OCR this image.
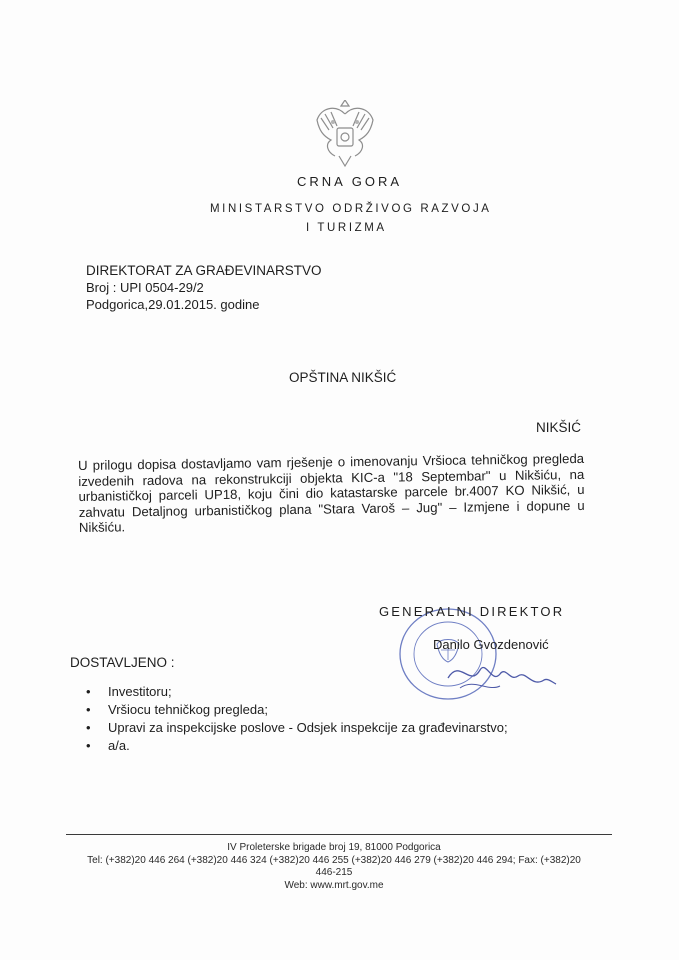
CRNA GORA
MINISTARSTVO ODRŽIVOG RAZVOJA
I TURIZMA
DIREKTORAT ZA GRAĐEVINARSTVO
Broj : UPI 0504-29/2
Podgorica,29.01.2015. godine
OPŠTINA NIKŠIĆ
NIKŠIĆ
U prilogu dopisa dostavljamo vam rješenje o imenovanju Vršioca tehničkog pregleda izvedenih radova na rekonstrukciji objekta KIC-a "18 Septembar" u Nikšiću, na urbanističkoj parceli UP18, koju čini dio katastarske parcele br.4007 KO Nikšić, u zahvatu Detaljnog urbanističkog plana "Stara Varoš – Jug" – Izmjene i dopune u Nikšiću.
GENERALNI DIREKTOR
Danilo Gvozdenović
DOSTAVLJENO :
• Investitoru;
• Vršiocu tehničkog pregleda;
• Upravi za inspekcijske poslove - Odsjek inspekcije za građevinarstvo;
• a/a.
IV Proleterske brigade broj 19, 81000 Podgorica
Tel: (+382)20 446 264 (+382)20 446 324 (+382)20 446 255 (+382)20 446 279 (+382)20 446 294; Fax: (+382)20
446-215
Web: www.mrt.gov.me
